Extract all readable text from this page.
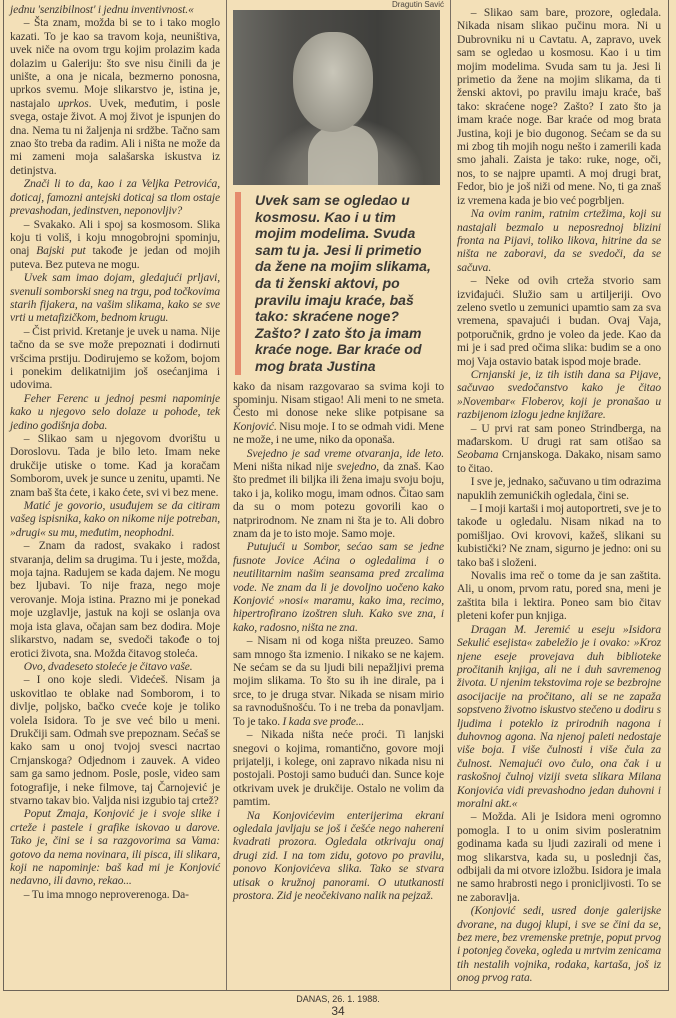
jednu 'senzibilnost' i jednu inventivnost.«

– Šta znam, možda bi se to i tako moglo kazati. To je kao sa travom koja, neuništiva, uvek niče na ovom trgu kojim prolazim kada dolazim u Galeriju: što sve nisu činili da je unište, a ona je nicala, bezmerno ponosna, uprkos svemu. Moje slikarstvo je, istina je, nastajalo uprkos. Uvek, međutim, i posle svega, ostaje život. A moj život je ispunjen do dna. Nema tu ni žaljenja ni srdžbe. Tačno sam znao što treba da radim. Ali i ništa ne može da mi zameni moja salašarska iskustva iz detinjstva.

Znači li to da, kao i za Veljka Petrovića, doticaj, famozni antejski doticaj sa tlom ostaje prevashodan, jedinstven, neponovljiv?

– Svakako. Ali i spoj sa kosmosom. Slika koju ti voliš, i koju mnogobrojni spominju, onaj Bajski put takođe je jedan od mojih puteva. Bez puteva ne mogu.

Uvek sam imao dojam, gledajući prljavi, svenuli somborski sneg na trgu, pod točkovima starih fijakera, na vašim slikama, kako se sve vrti u metafizičkom, bednom krugu.

– Čist privid. Kretanje je uvek u nama. Nije tačno da se sve može prepoznati i dodirnuti vršcima prstiju. Dodirujemo se kožom, bojom i ponekim delikatnijim još osećanjima i udovima.

Feher Ferenc u jednoj pesmi napominje kako u njegovo selo dolaze u pohode, tek jedino godišnja doba.

– Slikao sam u njegovom dvorištu u Doroslovu. Tada je bilo leto. Imam neke drukčije utiske o tome. Kad ja koračam Somborom, uvek je sunce u zenitu, upamti. Ne znam baš šta ćete, i kako ćete, svi vi bez mene.

Matić je govorio, usuđujem se da citiram vašeg ispisnika, kako on nikome nije potreban, »drugi« su mu, međutim, neophodni.

– Znam da radost, svakako i radost stvaranja, delim sa drugima. Tu i jeste, možda, moja tajna. Radujem se kada dajem. Ne mogu bez ljubavi. To nije fraza, nego moje verovanje. Moja istina. Prazno mi je ponekad moje uzglavlje, jastuk na koji se oslanja ova moja ista glava, očajan sam bez dodira. Moje slikarstvo, nadam se, svedoči takođe o toj erotici života, sna. Možda čitavog stoleća.

Ovo, dvadeseto stoleće je čitavo vaše.

– I ono koje sledi. Videćeš. Nisam ja uskovitlao te oblake nad Somborom, i to divlje, poljsko, bačko cveće koje je toliko volela Isidora. To je sve već bilo u meni. Drukčiji sam. Odmah sve prepoznam. Sećaš se kako sam u onoj tvojoj svesci nacrtao Crnjanskoga? Odjednom i zauvek. A video sam ga samo jednom. Posle, posle, video sam fotografije, i neke filmove, taj Čarnojević je stvarno takav bio. Valjda nisi izgubio taj crtež?

Poput Zmaja, Konjović je i svoje slike i crteže i pastele i grafike iskovao u darove. Tako je, čini se i sa razgovorima sa Vama: gotovo da nema novinara, ili pisca, ili slikara, koji ne napominje: baš kad mi je Konjović nedavno, ili davno, rekao...

– Tu ima mnogo neproverenoga. Da-

Dragutin Savić
Uvek sam se ogledao u kosmosu. Kao i u tim mojim modelima. Svuda sam tu ja. Jesi li primetio da žene na mojim slikama, da ti ženski aktovi, po pravilu imaju kraće, baš tako: skraćene noge? Zašto? I zato što ja imam kraće noge. Bar kraće od mog brata Justina

kako da nisam razgovarao sa svima koji to spominju. Nisam stigao! Ali meni to ne smeta. Često mi donose neke slike potpisane sa Konjović. Nisu moje. I to se odmah vidi. Mene ne može, i ne ume, niko da oponaša.

Svejedno je sad vreme otvaranja, ide leto. Meni ništa nikad nije svejedno, da znaš. Kao što predmet ili biljka ili žena imaju svoju boju, tako i ja, koliko mogu, imam odnos. Čitao sam da su o mom potezu govorili kao o natprirodnom. Ne znam ni šta je to. Ali dobro znam da je to isto moje. Samo moje.

Putujući u Sombor, sećao sam se jedne fusnote Jovice Aćina o ogledalima i o neutilitarnim našim seansama pred zrcalima vode. Ne znam da li je dovoljno uočeno kako Konjović »nosi« maramu, kako ima, recimo, hipertrofirano izoštren sluh. Kako sve zna, i kako, radosno, ništa ne zna.

– Nisam ni od koga ništa preuzeo. Samo sam mnogo šta izmenio. I nikako se ne kajem. Ne sećam se da su ljudi bili nepažljivi prema mojim slikama. To što su ih ine dirale, pa i srce, to je druga stvar. Nikada se nisam mirio sa ravnodušnošću. To i ne treba da ponavljam. To je tako. I kada sve prođe...

– Nikada ništa neće proći. Ti lanjski snegovi o kojima, romantično, govore moji prijatelji, i kolege, oni zapravo nikada nisu ni postojali. Postoji samo budući dan. Sunce koje otkrivam uvek je drukčije. Ostalo ne volim da pamtim.

Na Konjovićevim enterijerima ekrani ogledala javljaju se još i češće nego nahereni kvadrati prozora. Ogledala otkrivaju onaj drugi zid. I na tom zidu, gotovo po pravilu, ponovo Konjovićeva slika. Tako se stvara utisak o kružnoj panorami. O ututkanosti prostora. Zid je neočekivano nalik na pejzaž.

– Slikao sam bare, prozore, ogledala. Nikada nisam slikao pučinu mora. Ni u Dubrovniku ni u Cavtatu. A, zapravo, uvek sam se ogledao u kosmosu. Kao i u tim mojim modelima. Svuda sam tu ja. Jesi li primetio da žene na mojim slikama, da ti ženski aktovi, po pravilu imaju kraće, baš tako: skraćene noge? Zašto? I zato što ja imam kraće noge. Bar kraće od mog brata Justina, koji je bio dugonog. Sećam se da su mi zbog tih mojih nogu nešto i zamerili kada smo jahali. Zaista je tako: ruke, noge, oči, nos, to se najpre upamti. A moj drugi brat, Fedor, bio je još niži od mene. No, ti ga znaš iz vremena kada je bio već pogrbljen.

Na ovim ranim, ratnim crtežima, koji su nastajali bezmalo u neposrednoj blizini fronta na Pijavi, toliko likova, hitrine da se ništa ne zaboravi, da se svedoči, da se sačuva.

– Neke od ovih crteža stvorio sam izviđajući. Služio sam u artiljeriji. Ovo zeleno svetlo u zemunici upamtio sam za sva vremena, spavajući i budan. Ovaj Vaja, potporučnik, grdno je voleo da jede. Kao da mi je i sad pred očima slika: budim se a ono moj Vaja ostavio batak ispod moje brade.

Crnjanski je, iz tih istih dana sa Pijave, sačuvao svedočanstvo kako je čitao »Novembar« Floberov, koji je pronašao u razbijenom izlogu jedne knjižare.

– U prvi rat sam poneo Strindberga, na mađarskom. U drugi rat sam otišao sa Seobama Crnjanskoga. Dakako, nisam samo to čitao.

I sve je, jednako, sačuvano u tim odrazima napuklih zemunićkih ogledala, čini se.

– I moji kartaši i moj autoportreti, sve je to takođe u ogledalu. Nisam nikad na to pomišljao. Ovi krovovi, kažeš, slikani su kubistički? Ne znam, sigurno je jedno: oni su tako baš i složeni.

Novalis ima reč o tome da je san zaštita. Ali, u onom, prvom ratu, pored sna, meni je zaštita bila i lektira. Poneo sam bio čitav pleteni kofer pun knjiga.

Dragan M. Jeremić u eseju »Isidora Sekulić esejista« zabeležio je i ovako: »Kroz njene eseje provejava duh biblioteke pročitanih knjiga, ali ne i duh savremenog života. U njenim tekstovima roje se bezbrojne asocijacije na pročitano, ali se ne zapaža sopstveno životno iskustvo stečeno u dodiru s ljudima i poteklo iz prirodnih nagona i duhovnog agona. Na njenoj paleti nedostaje više boja. I više čulnosti i više čula za čulnost. Nemajući ovo čulo, ona čak i u raskošnoj čulnoj viziji sveta slikara Milana Konjovića vidi prevashodno jedan duhovni i moralni akt.«

– Možda. Ali je Isidora meni ogromno pomogla. I to u onim sivim posleratnim godinama kada su ljudi zazirali od mene i mog slikarstva, kada su, u poslednji čas, odbijali da mi otvore izložbu. Isidora je imala ne samo hrabrosti nego i pronicljivosti. To se ne zaboravlja.

(Konjović sedi, usred donje galerijske dvorane, na dugoj klupi, i sve se čini da se, bez mere, bez vremenske pretnje, poput prvog i potonjeg čoveka, ogleda u mrtvim zenicama tih nestalih vojnika, rodaka, kartaša, još iz onog prvog rata.

DANAS, 26. 1. 1988.
34
